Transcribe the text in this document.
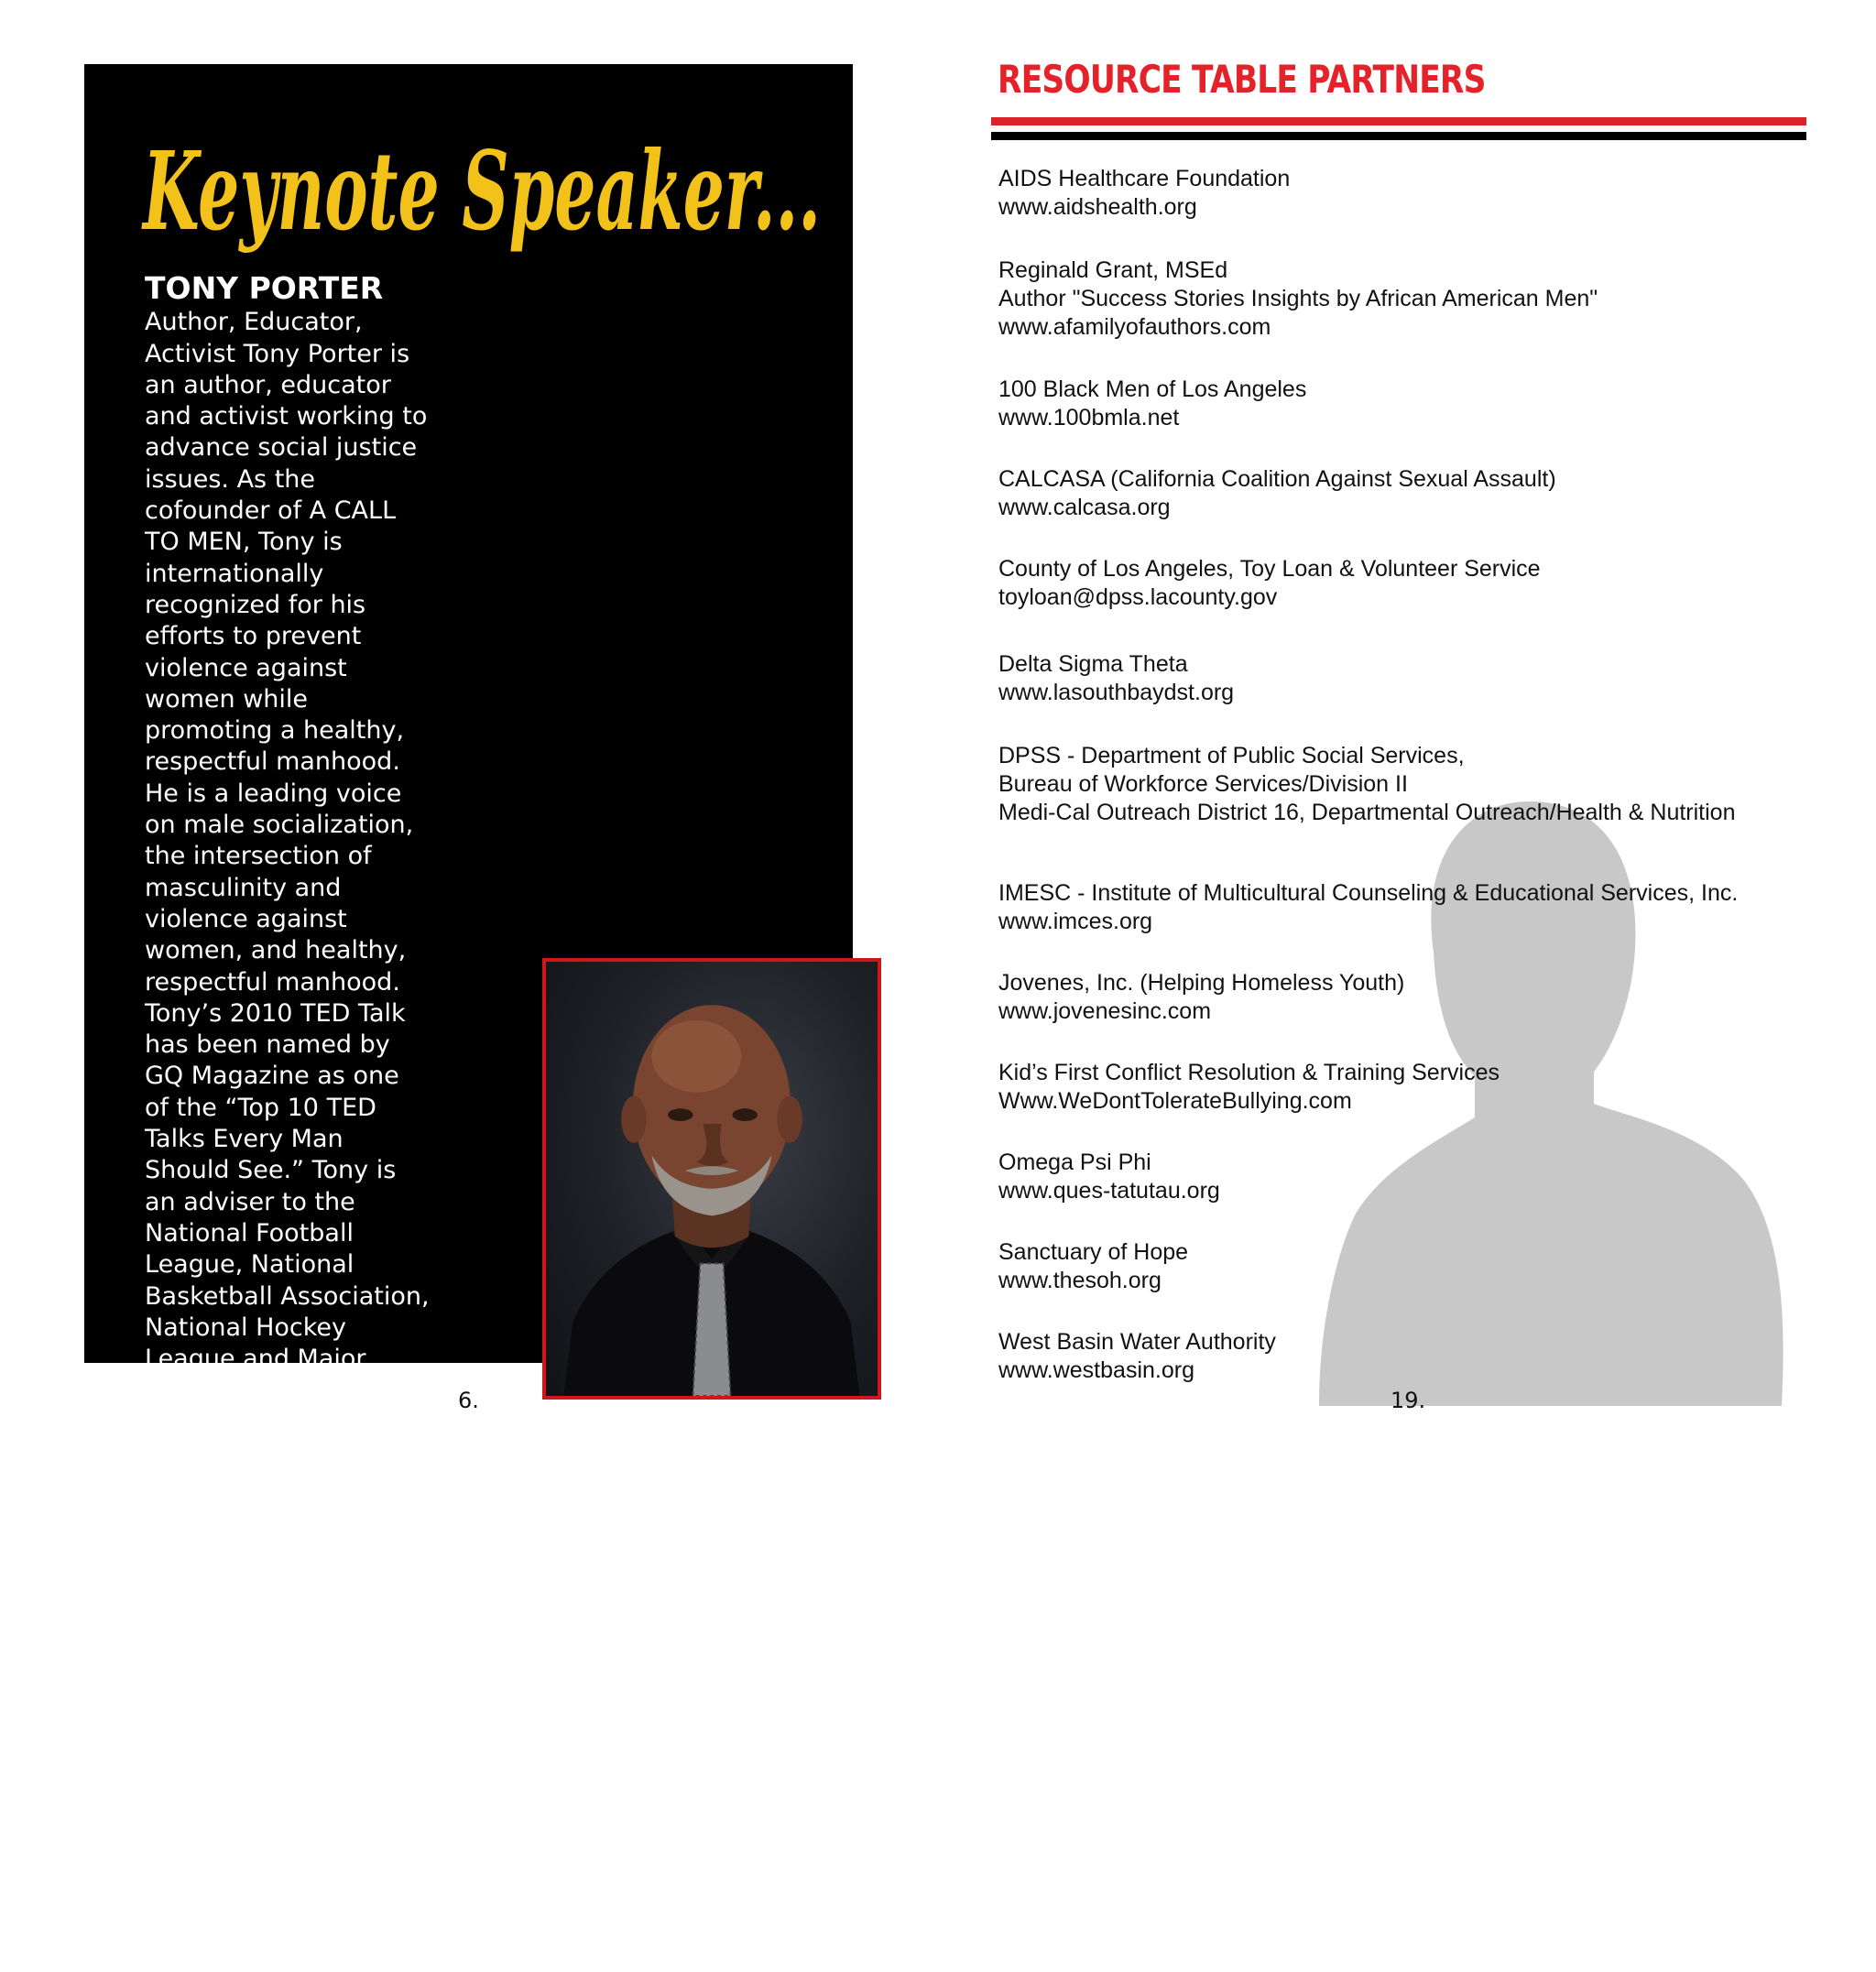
Keynote Speaker...

TONY PORTER Author, Educator, Activist Tony Porter is an author, educator and activist working to advance social justice issues. As the cofounder of A CALL TO MEN, Tony is internationally recognized for his efforts to prevent violence against women while promoting a healthy, respectful manhood. He is a leading voice on male socialization, the intersection of masculinity and violence against women, and healthy, respectful manhood. Tony’s 2010 TED Talk has been named by GQ Magazine as one of the “Top 10 TED Talks Every Man Should See.” Tony is an adviser to the National Football League, National Basketball Association, National Hockey League and Major League Baseball, providing policy consultation, working extensively with player engagement, and facilitating violence prevention and healthy manhood training. He is an international lecturer for the U.S. State Department, having extensive global experience to include Brazil, the UK, India and Africa, and has been a guest presenter to the United Nations Commission on the Status of Women. Tony has worked with the United States Military Academy at West Point and the United States Naval Academy at Annapolis. He is sought after for his in-depth understanding of the collective socialization of men, and has served as a script consultant for the Emmy Award-winning television series “Law & Order: Special Victims Unit.” Tony is the author of “Breaking Out of the Man Box” and the visionary for “NFL Dads: Dedicated to Daughters.”

6.
RESOURCE TABLE PARTNERS
AIDS Healthcare Foundation
www.aidshealth.org
Reginald Grant, MSEd
Author "Success Stories Insights by African American Men"
www.afamilyofauthors.com
100 Black Men of Los Angeles
www.100bmla.net
CALCASA (California Coalition Against Sexual Assault)
www.calcasa.org
County of Los Angeles, Toy Loan & Volunteer Service
toyloan@dpss.lacounty.gov
Delta Sigma Theta
www.lasouthbaydst.org
DPSS - Department of Public Social Services,
Bureau of Workforce Services/Division II
Medi-Cal Outreach District 16, Departmental Outreach/Health & Nutrition
IMESC - Institute of Multicultural Counseling & Educational Services, Inc.
www.imces.org
Jovenes, Inc. (Helping Homeless Youth)
www.jovenesinc.com
Kid’s First Conflict Resolution & Training Services
Www.WeDontTolerateBullying.com
Omega Psi Phi
www.ques-tatutau.org
Sanctuary of Hope
www.thesoh.org
West Basin Water Authority
www.westbasin.org
19.
